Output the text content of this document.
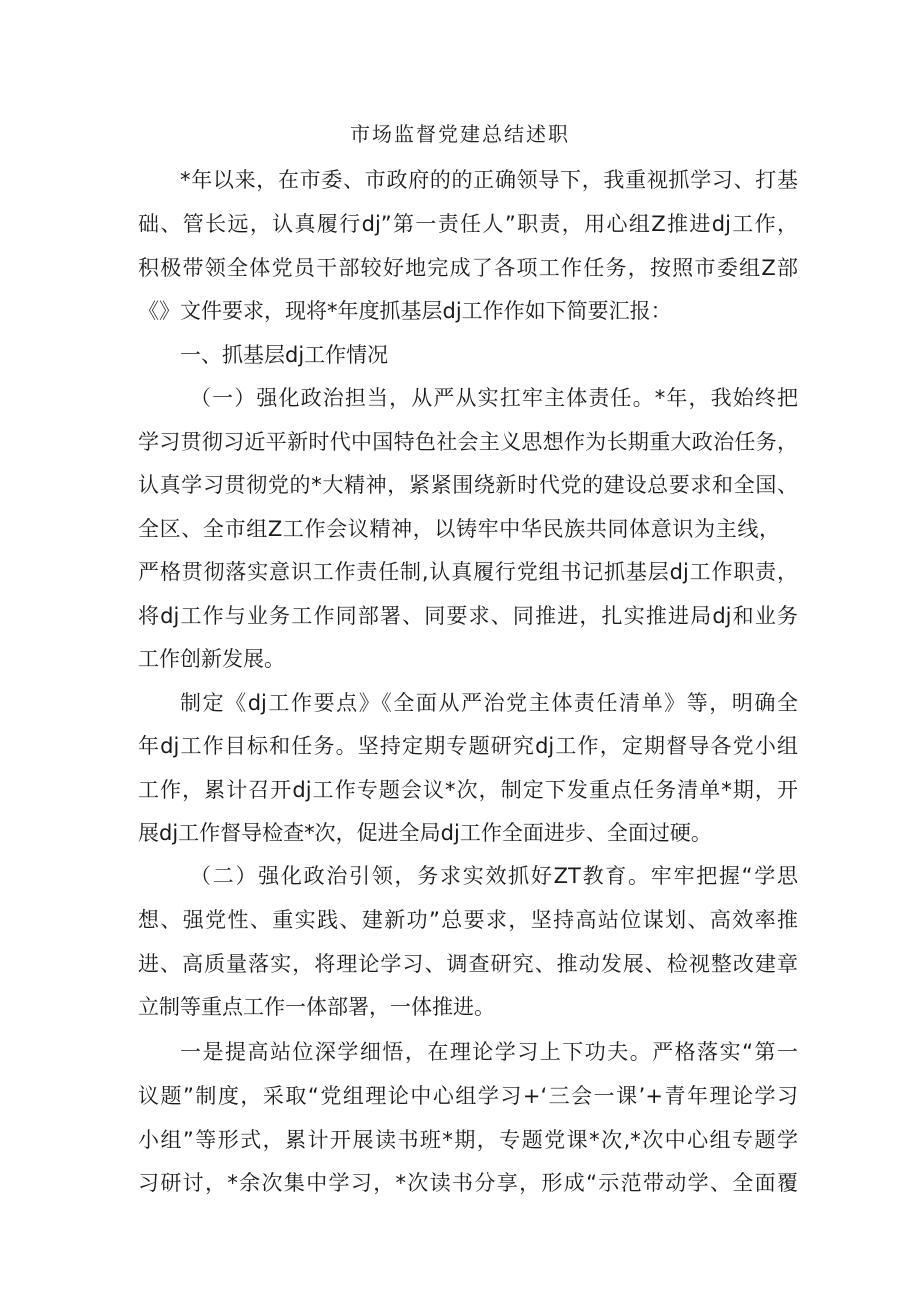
市场监督党建总结述职
*年以来，在市委、市政府的的正确领导下，我重视抓学习、打基
础、管长远，认真履行dj”第一责任人”职责，用心组Z推进dj工作，
积极带领全体党员干部较好地完成了各项工作任务，按照市委组Z部
《》文件要求，现将*年度抓基层dj工作作如下简要汇报：
一、抓基层dj工作情况
（一）强化政治担当，从严从实扛牢主体责任。*年，我始终把
学习贯彻习近平新时代中国特色社会主义思想作为长期重大政治任务，
认真学习贯彻党的*大精神，紧紧围绕新时代党的建设总要求和全国、
全区、全市组Z工作会议精神，以铸牢中华民族共同体意识为主线，
严格贯彻落实意识工作责任制,认真履行党组书记抓基层dj工作职责，
将dj工作与业务工作同部署、同要求、同推进，扎实推进局dj和业务
工作创新发展。
制定《dj工作要点》《全面从严治党主体责任清单》等，明确全
年dj工作目标和任务。坚持定期专题研究dj工作，定期督导各党小组
工作，累计召开dj工作专题会议*次，制定下发重点任务清单*期，开
展dj工作督导检查*次，促进全局dj工作全面进步、全面过硬。
（二）强化政治引领，务求实效抓好ZT教育。牢牢把握“学思
想、强党性、重实践、建新功”总要求，坚持高站位谋划、高效率推
进、高质量落实，将理论学习、调查研究、推动发展、检视整改建章
立制等重点工作一体部署，一体推进。
一是提高站位深学细悟，在理论学习上下功夫。严格落实“第一
议题”制度，采取“党组理论中心组学习+‘三会一课’+青年理论学习
小组”等形式，累计开展读书班*期，专题党课*次,*次中心组专题学
习研讨，*余次集中学习，*次读书分享，形成“示范带动学、全面覆
